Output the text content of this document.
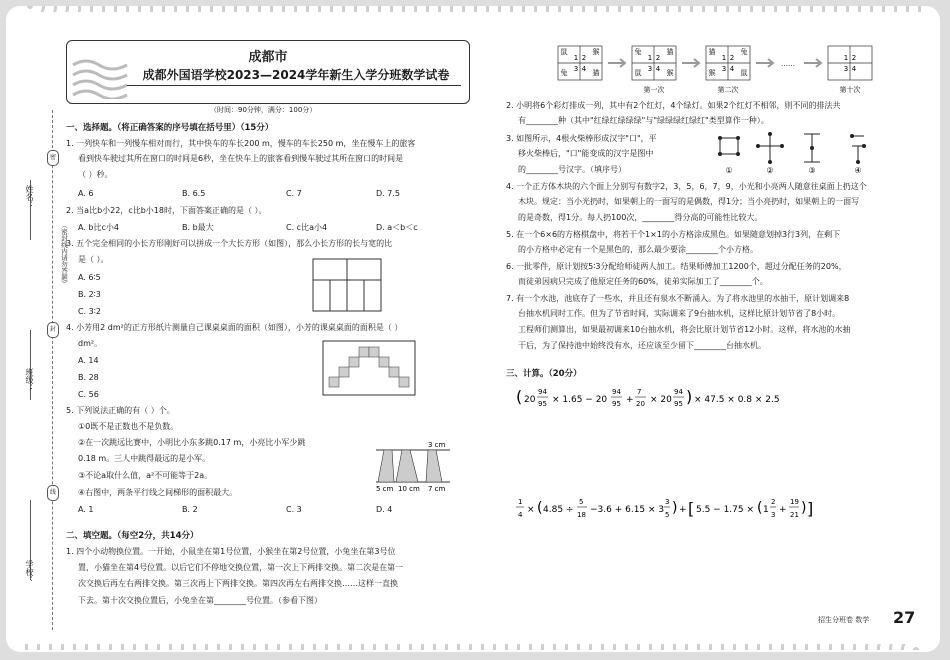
姓名：
班级：
学校：
密
封
线
（密封线内请勿答题）
成都市
成都外国语学校2023—2024学年新生入学分班数学试卷
（时间：90分钟，满分：100分）
一、选择题。（将正确答案的序号填在括号里）（15分）
1. 一列快车和一列慢车相对而行，其中快车的车长200 m，慢车的车长250 m，坐在慢车上的旅客
看到快车驶过其所在窗口的时间是6秒，坐在快车上的旅客看到慢车驶过其所在窗口的时间是
（ ）秒。
A. 6	B. 6.5	C. 7	D. 7.5
2. 当a比b小22，c比b小18时，下面答案正确的是（ ）。
A. b比c小4	B. b最大	C. c比a小4	D. a＜b＜c
3. 五个完全相同的小长方形刚好可以拼成一个大长方形（如图），那么小长方形的长与宽的比
是（ ）。
A. 6∶5
B. 2∶3
C. 3∶2
4. 小芳用2 dm²的正方形纸片测量自己课桌桌面的面积（如图），小芳的课桌桌面的面积是（ ）
dm²。
A. 14
B. 28
C. 56
5. 下列说法正确的有（ ）个。
①0既不是正数也不是负数。
②在一次跳远比赛中，小明比小东多跳0.17 m，小亮比小军少跳
0.18 m。三人中跳得最远的是小军。
③不论a取什么值，a²不可能等于2a。
④右图中，两条平行线之间梯形的面积最大。
A. 1	B. 2	C. 3	D. 4
3 cm
5 cm 10 cm 7 cm
二、填空题。（每空2分，共14分）
1. 四个小动物换位置。一开始，小鼠坐在第1号位置，小猴坐在第2号位置，小兔坐在第3号位
置，小猫坐在第4号位置。以后它们不停地交换位置，第一次上下两排交换。第二次是在第一
次交换后再左右两排交换。第三次再上下两排交换。第四次再左右两排交换……这样一直换
下去。第十次交换位置后，小兔坐在第________号位置。（参看下图）
鼠	猴
兔	猫
1 2
3 4
兔	猫
鼠	猴
1 2
3 4
第一次
猫	兔
猴	鼠
1 2
3 4
第二次
……
1 2
3 4
第十次
2. 小明将6个彩灯排成一列，其中有2个红灯，4个绿灯。如果2个红灯不相邻，则不同的排法共
有________种（其中"红绿红绿绿绿"与"绿绿绿红绿红"类型算作一种）。
3. 如图所示，4根火柴棒形成汉字"口"，平
移火柴棒后，"口"能变成的汉字是图中
的________号汉字。（填序号）	①	②	③	④
4. 一个正方体木块的六个面上分别写有数字2，3，5，6，7，9，小光和小亮两人随意往桌面上扔这个
木块。规定：当小光扔时，如果朝上的一面写的是偶数，得1分；当小亮扔时，如果朝上的一面写
的是奇数，得1分。每人扔100次，________得分高的可能性比较大。
5. 在一个6×6的方格棋盘中，将若干个1×1的小方格涂成黑色。如果随意划掉3行3列，在剩下
的小方格中必定有一个是黑色的，那么最少要涂________个小方格。
6. 一批零件，原计划按5∶3分配给师徒两人加工。结果师傅加工1200个，超过分配任务的20%，
而徒弟因病只完成了他原定任务的60%，徒弟实际加工了________个。
7. 有一个水池，池底存了一些水，并且还有泉水不断涌入。为了将水池里的水抽干，原计划调来8
台抽水机同时工作。但为了节省时间，实际调来了9台抽水机，这样比原计划节省了8小时。
工程师们测算出，如果最初调来10台抽水机，将会比原计划节省12小时。这样，将水池的水抽
干后，为了保持池中始终没有水，还应该至少留下________台抽水机。
三、计算。（20分）
( 20
94
95 × 1.65 − 20
94
95 +
7
20 × 20
94
95 ) × 47.5 × 0.8 × 2.5
1
4 × ( 4.85 ÷
5
18 −3.6 + 6.15 × 3
3
5 ) + [ 5.5 − 1.75 × ( 1
2
3 +
19
21 ) ]
招生分班卷 数学 27
